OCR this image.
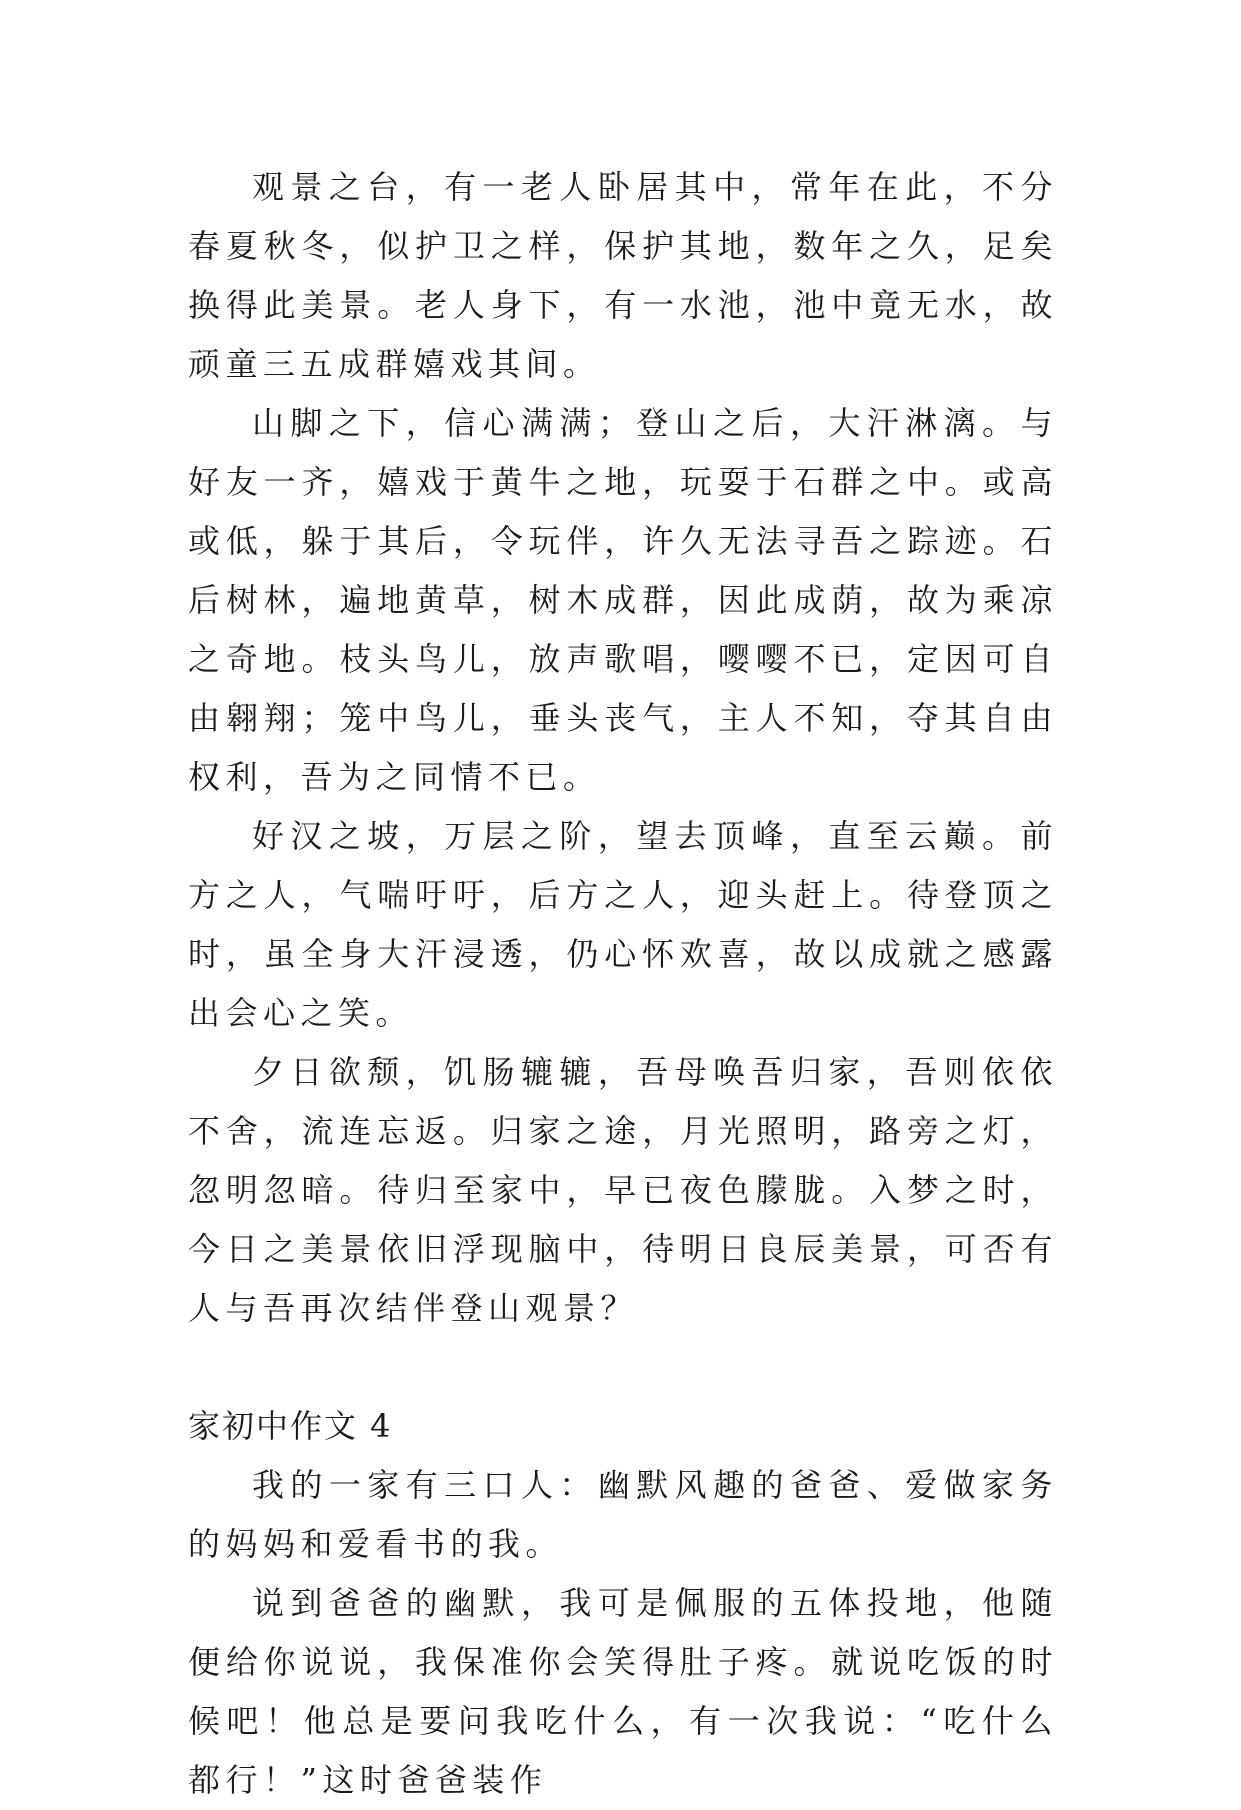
观景之台，有一老人卧居其中，常年在此，不分春夏秋冬，似护卫之样，保护其地，数年之久，足矣换得此美景。老人身下，有一水池，池中竟无水，故顽童三五成群嬉戏其间。

山脚之下，信心满满；登山之后，大汗淋漓。与好友一齐，嬉戏于黄牛之地，玩耍于石群之中。或高或低，躲于其后，令玩伴，许久无法寻吾之踪迹。石后树林，遍地黄草，树木成群，因此成荫，故为乘凉之奇地。枝头鸟儿，放声歌唱，嘤嘤不已，定因可自由翱翔；笼中鸟儿，垂头丧气，主人不知，夺其自由权利，吾为之同情不已。

好汉之坡，万层之阶，望去顶峰，直至云巅。前方之人，气喘吁吁，后方之人，迎头赶上。待登顶之时，虽全身大汗浸透，仍心怀欢喜，故以成就之感露出会心之笑。

夕日欲颓，饥肠辘辘，吾母唤吾归家，吾则依依不舍，流连忘返。归家之途，月光照明，路旁之灯，忽明忽暗。待归至家中，早已夜色朦胧。入梦之时，今日之美景依旧浮现脑中，待明日良辰美景，可否有人与吾再次结伴登山观景？

家初中作文 4

我的一家有三口人：幽默风趣的爸爸、爱做家务的妈妈和爱看书的我。

说到爸爸的幽默，我可是佩服的五体投地，他随便给你说说，我保准你会笑得肚子疼。就说吃饭的时候吧！他总是要问我吃什么，有一次我说：“吃什么都行！”这时爸爸装作
